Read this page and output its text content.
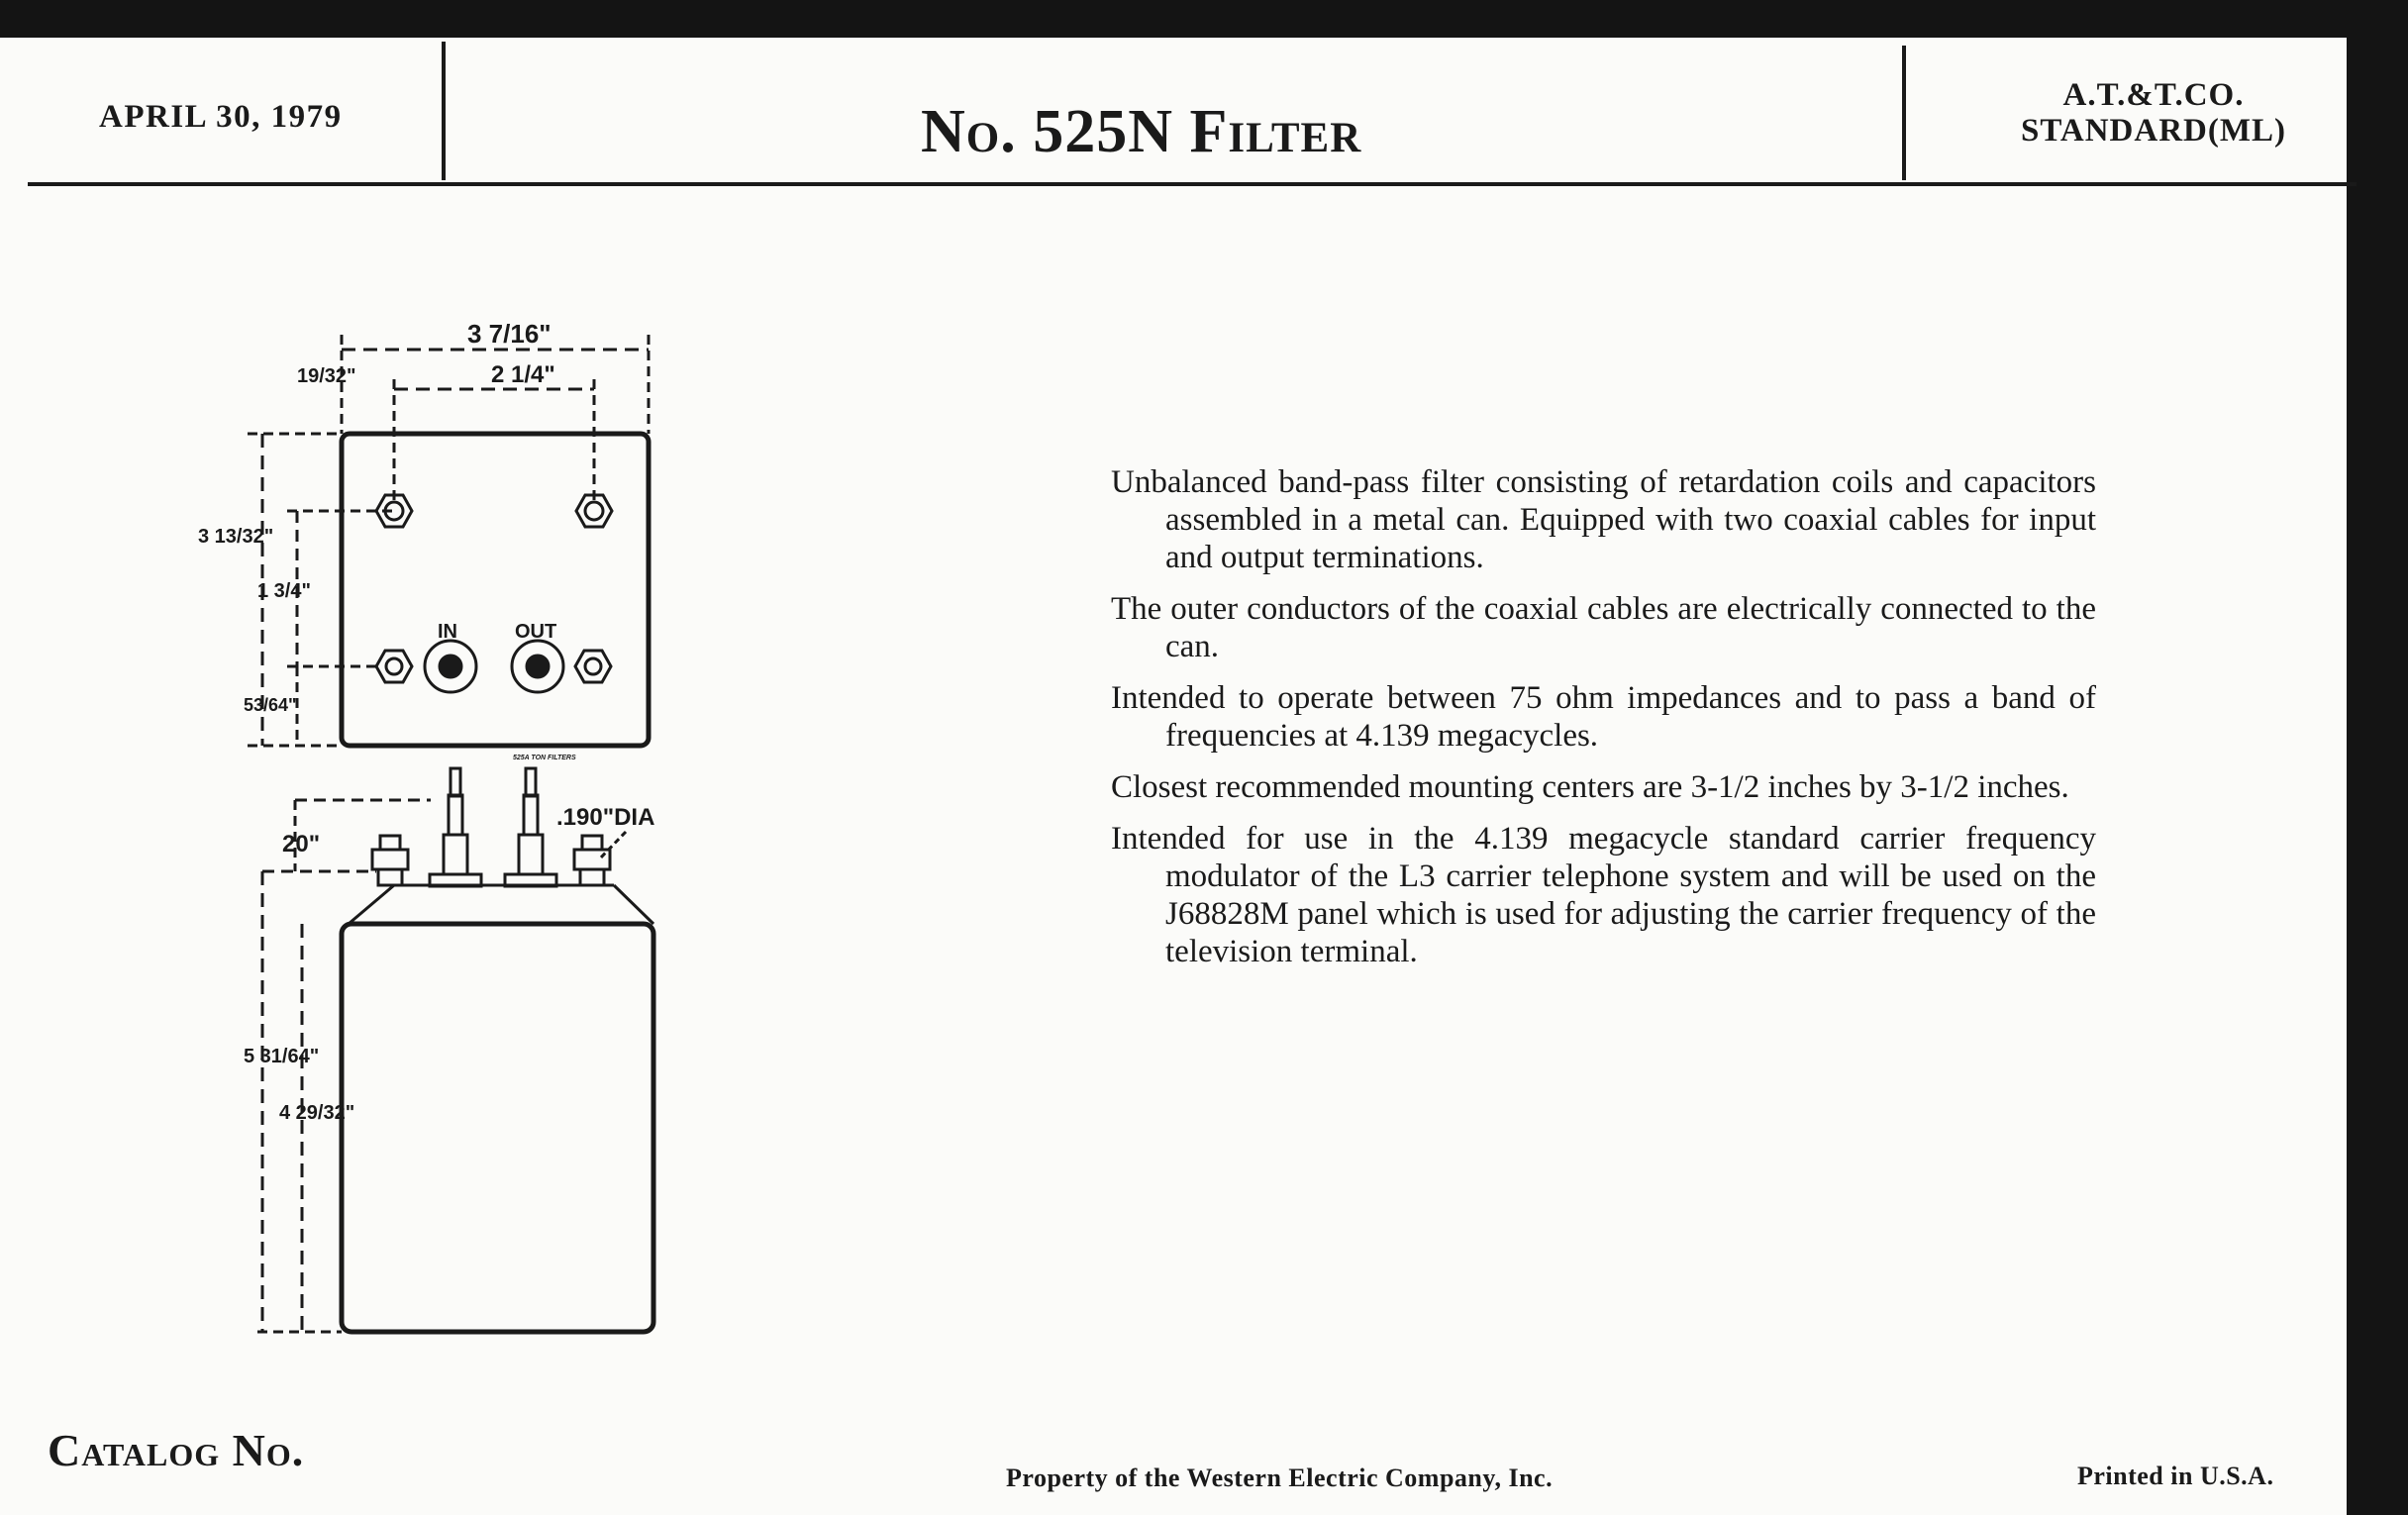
APRIL 30, 1979	No. 525N Filter
A.T.&T.CO.
STANDARD(ML)
3 7/16"
2 1/4"
19/32"
3 13/32"
1 3/4"
53/64"
IN	OUT
525A TON FILTERS
20"
5 31/64"
4 29/32"
.190"DIA

Unbalanced band-pass filter consisting of retardation coils and capacitors assembled in a metal can. Equipped with two coaxial cables for input and output terminations.

The outer conductors of the coaxial cables are electrically connected to the can.

Intended to operate between 75 ohm impedances and to pass a band of frequencies at 4.139 megacycles.

Closest recommended mounting centers are 3-1/2 inches by 3-1/2 inches.

Intended for use in the 4.139 megacycle standard carrier frequency modulator of the L3 carrier telephone system and will be used on the J68828M panel which is used for adjusting the carrier frequency of the television terminal.

Catalog No.
Property of the Western Electric Company, Inc.	Printed in U.S.A.
